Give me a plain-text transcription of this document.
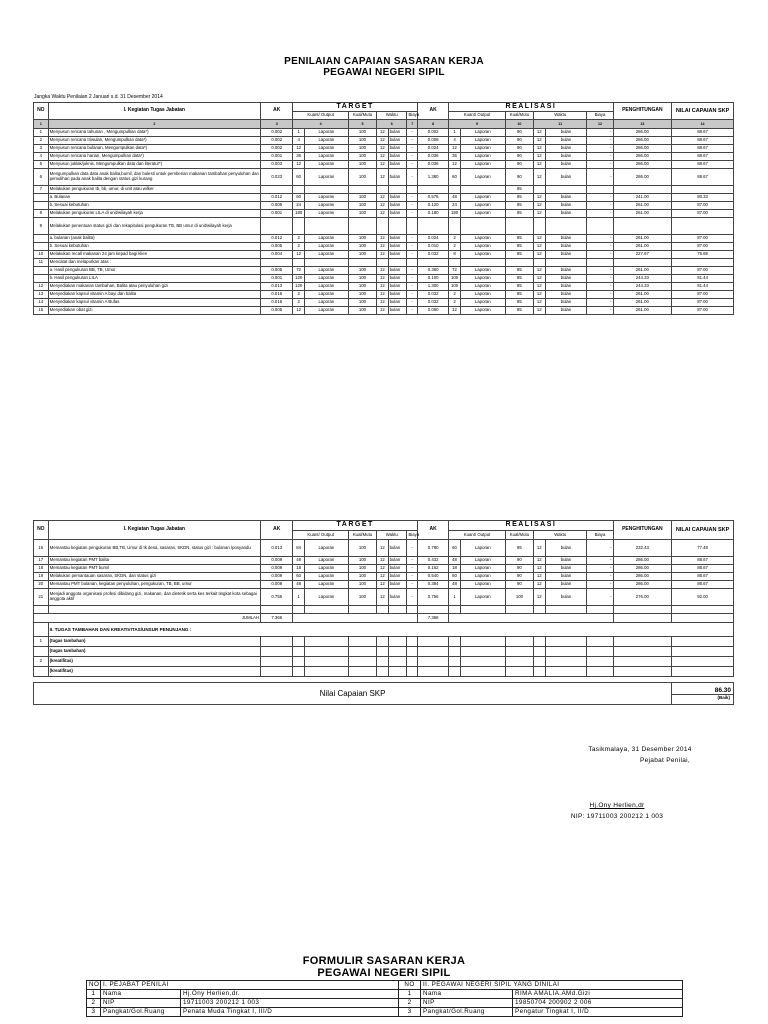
PENILAIAN CAPAIAN SASARAN KERJA
PEGAWAI NEGERI SIPIL
Jangka Waktu Penilaian 2 Januari s.d. 31 Desember 2014
NO	I. Kegiatan Tugas Jabatan	AK	TARGET						AK	REALISASI						PENGHITUNGAN	NILAI CAPAIAN SKP
			Kuant/ Output		Kual/Mutu	Waktu		Biaya		Kuant/ Output		Kual/Mutu	Waktu		Biaya		
1	2	3	4		5	6		7	8	9		10	11		12	13	14
1	Menyusun rencana tahunan , Mengumpulkan data*)	0.002	1	Laporan	100	12	bulan	-	0.002	1	Laporan	90	12	bulan	-	286.00	88.67
2	Menyusun rencana triwulan, Mengumpulkan data*)	0.002	4	Laporan	100	12	bulan	-	0.008	4	Laporan	90	12	bulan	-	286.00	88.67
3	Menyusun rencana bulanan, Mengumpulkan data*)	0.002	12	Laporan	100	12	bulan	-	0.024	12	Laporan	90	12	bulan	-	286.00	88.67
4	Menyusun rencana harian, Mengumpulkan data*)	0.001	36	Laporan	100	12	bulan	-	0.036	36	Laporan	90	12	bulan	-	286.00	88.67
5	Menyusun juklak/juknis, Mengumpulkan data dan literatur*)	0.003	12	Laporan	100	12	bulan	-	0.036	12	Laporan	90	12	bulan	-	286.00	88.67
6	Mengumpulkan data data anak balita,bumil, dan bulesti untuk pemberian makanan tambahan penyuluhan dan pemulihan pada anak balita dengan status gizi kurang	0.023	60	Laporan	100	12	bulan	-	1.380	60	Laporan	90	12	bulan	-	286.00	88.67
7	Melakukan pengukuran tb, bb, umur, di unit atau wilker											85					
	a. Bulanan	0.012	60	Laporan	100	12	bulan	-	0.576	48	Laporan	85	12	bulan	-	241.00	80.33
	b. Sesuai kebutuhan	0.005	24	Laporan	100	12	bulan	-	0.120	24	Laporan	85	12	bulan	-	261.00	87.00
8	Melakukan pengukuran LILA di unit/wilayah kerja	0.001	180	Laporan	100	12	bulan	-	0.180	180	Laporan	85	12	bulan	-	261.00	87.00
9	Melakukan penentuan status gizi dan rekapitulasi pengukuran TB, BB umur di unit/wilayah kerja																
	a. bulanan (anak balita)	0.012	2	Laporan	100	12	bulan	-	0.024	2	Laporan	85	12	bulan	-	261.00	87.00
	b. Sesuai kebutuhan	0.005	2	Laporan	100	12	bulan	-	0.010	2	Laporan	85	12	bulan	-	261.00	87.00
10	Melakukan recall makanan 24 jam kepad bagi klien	0.004	12	Laporan	100	12	bulan	-	0.032	8	Laporan	85	12	bulan	-	227.67	75.89
11	Mencatat dan melaporkan atas :																
	a. Hasil pengukuran BB, TB, Umur	0.005	72	Laporan	100	12	bulan	-	0.360	72	Laporan	85	12	bulan	-	261.00	87.00
	b. Hasil pengukuran LILA	0.001	120	Laporan	100	12	bulan	-	0.100	100	Laporan	85	12	bulan	-	244.33	81.44
12	Menyediakan makanan tambahan, Balita atau penyuluhan gizi	0.013	120	Laporan	100	12	bulan	-	1.300	100	Laporan	85	12	bulan	-	244.33	81.44
13	Menyediakan kapsul vitamin A bayi dan balita	0.016	2	Laporan	100	12	bulan	-	0.032	2	Laporan	85	12	bulan	-	261.00	87.00
14	Menyediakan kapsul vitamin A Bufas	0.016	2	Laporan	100	12	bulan	-	0.032	2	Laporan	85	12	bulan	-	261.00	87.00
15	Menyediakan obat gizi	0.005	12	Laporan	100	12	bulan	-	0.060	12	Laporan	85	12	bulan	-	261.00	87.00
NO	I. Kegiatan Tugas Jabatan	AK	TARGET						AK	REALISASI						PENGHITUNGAN	NILAI CAPAIAN SKP
			Kuant/ Output		Kual/Mutu	Waktu		Biaya		Kuant/ Output		Kual/Mutu	Waktu		Biaya		
16	Memantau kegiatan pengukuran BB,TB, Umur di tk desa, sasaran, SKDN, status gizi : bulanan /posyandu	0.013	84	Laporan	100	12	bulan	-	0.780	60	Laporan	85	12	bulan	-	232.43	77.48
17	Memantau kegiatan PMT balita	0.009	48	Laporan	100	12	bulan	-	0.432	48	Laporan	90	12	bulan	-	286.00	88.67
18	Memantau kegiatan PMT bumil	0.009	18	Laporan	100	12	bulan	-	0.162	18	Laporan	90	12	bulan	-	286.00	88.67
19	Melakukan pemantauan sasaran, SKDN, dan status gizi	0.009	60	Laporan	100	12	bulan	-	0.540	60	Laporan	90	12	bulan	-	286.00	88.67
20	Memantau PMT bulanan, kegiatan penyuluhan, pengukuran, TB, BB, umur	0.008	48	Laporan	100	12	bulan	-	0.384	48	Laporan	90	12	bulan	-	286.00	88.67
21	Menjadi anggota organisasi profesi dibidang gizi, makanan, dan dietetik serta kes terkait tingkat kota sebagai anggota aktif	0.756	1	Laporan	100	12	bulan	-	0.756	1	Laporan	100	12	bulan	-	276.00	92.00

JUMLAH		7.366							7.366								
	II. TUGAS TAMBAHAN DAN KREATIVITAS/UNSUR PENUNJANG :																
1	(tugas tambahan)																
	(tugas tambahan)																
2	(kreatifitas)																
	(kreatifitas)																

Nilai Capaian SKP																	86.30
(Baik)
Tasikmalaya, 31 Desember 2014
Pejabat Penilai,
Hj.Ony Herlien,dr
NIP: 19711003 200212 1 003
FORMULIR SASARAN KERJA
PEGAWAI NEGERI SIPIL
NO	I. PEJABAT PENILAI		NO	II. PEGAWAI NEGERI SIPIL YANG DINILAI	
1	Nama	Hj.Ony Herlien,dr.	1	Nama	RIMA AMALIA.AMd.Gizi
2	NIP	19711003 200212 1 003	2	NIP	19850704 200902 2 006
3	Pangkat/Gol.Ruang	Penata Muda Tingkat I, III/D	3	Pangkat/Gol.Ruang	Pengatur Tingkat I, II/D
